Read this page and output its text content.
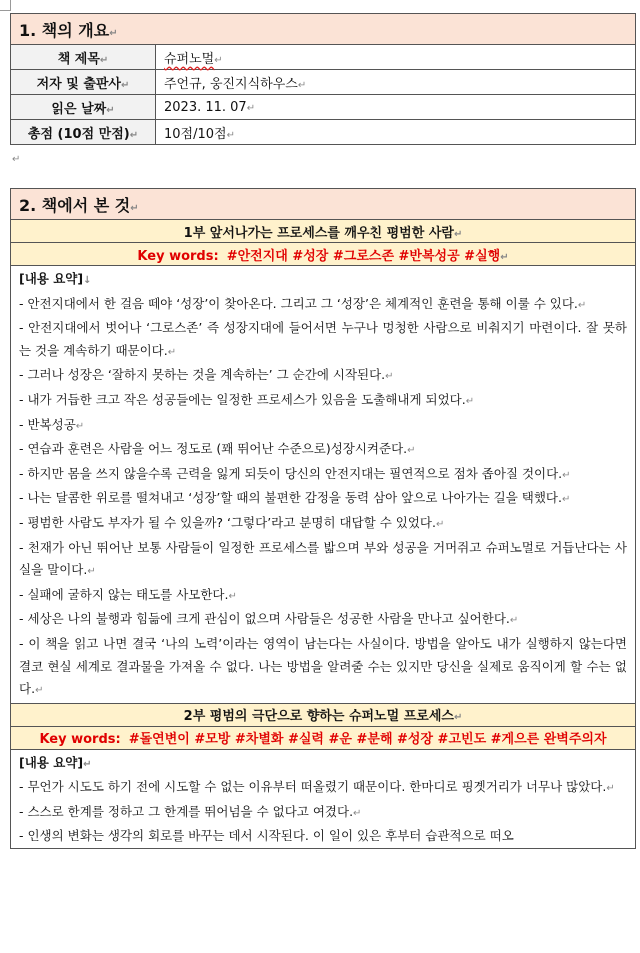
1. 책의 개요↵	
책 제목↵	슈퍼노멀↵
저자 및 출판사↵	주언규, 웅진지식하우스↵
읽은 날짜↵	2023. 11. 07↵
총점 (10점 만점)↵	10점/10점↵
↵
2. 책에서 본 것↵
1부 앞서나가는 프로세스를 깨우친 평범한 사람↵
Key words: #안전지대 #성장 #그로스존 #반복성공 #실행↵

[내용 요약]↓

- 안전지대에서 한 걸음 떼야 ‘성장’이 찾아온다. 그리고 그 ‘성장’은 체계적인 훈련을 통해 이룰 수 있다.↵

- 안전지대에서 벗어나 ‘그로스존’ 즉 성장지대에 들어서면 누구나 멍청한 사람으로 비춰지기 마련이다. 잘 못하는 것을 계속하기 때문이다.↵

- 그러나 성장은 ‘잘하지 못하는 것을 계속하는’ 그 순간에 시작된다.↵

- 내가 거듭한 크고 작은 성공들에는 일정한 프로세스가 있음을 도출해내게 되었다.↵

- 반복성공↵

- 연습과 훈련은 사람을 어느 정도로 (꽤 뛰어난 수준으로)성장시켜준다.↵

- 하지만 몸을 쓰지 않을수록 근력을 잃게 되듯이 당신의 안전지대는 필연적으로 점차 좁아질 것이다.↵

- 나는 달콤한 위로를 떨쳐내고 ‘성장’할 때의 불편한 감정을 동력 삼아 앞으로 나아가는 길을 택했다.↵

- 평범한 사람도 부자가 될 수 있을까? ‘그렇다’라고 분명히 대답할 수 있었다.↵

- 천재가 아닌 뛰어난 보통 사람들이 일정한 프로세스를 밟으며 부와 성공을 거머쥐고 슈퍼노멀로 거듭난다는 사실을 말이다.↵

- 실패에 굴하지 않는 태도를 사모한다.↵

- 세상은 나의 불행과 힘듦에 크게 관심이 없으며 사람들은 성공한 사람을 만나고 싶어한다.↵

- 이 책을 읽고 나면 결국 ‘나의 노력’이라는 영역이 남는다는 사실이다. 방법을 알아도 내가 실행하지 않는다면 결코 현실 세계로 결과물을 가져올 수 없다. 나는 방법을 알려줄 수는 있지만 당신을 실제로 움직이게 할 수는 없다.↵

2부 평범의 극단으로 향하는 슈퍼노멀 프로세스↵
Key words: #돌연변이 #모방 #차별화 #실력 #운 #분해 #성장 #고빈도 #게으른 완벽주의자

[내용 요약]↵

- 무언가 시도도 하기 전에 시도할 수 없는 이유부터 떠올렸기 때문이다. 한마디로 핑곗거리가 너무나 많았다.↵

- 스스로 한계를 정하고 그 한계를 뛰어넘을 수 없다고 여겼다.↵

- 인생의 변화는 생각의 회로를 바꾸는 데서 시작된다. 이 일이 있은 후부터 습관적으로 떠오
